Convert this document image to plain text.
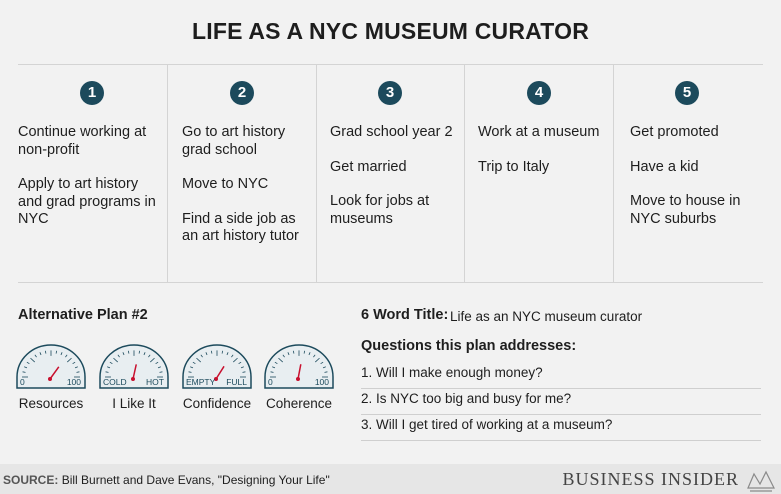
LIFE AS A NYC MUSEUM CURATOR
1
Continue working at non-profit
Apply to art history and grad programs in NYC
2
Go to art history grad school
Move to NYC
Find a side job as an art history tutor
3
Grad school year 2
Get married
Look for jobs at museums
4
Work at a museum
Trip to Italy
5
Get promoted
Have a kid
Move to house in NYC suburbs
Alternative Plan #2
0	100
Resources
COLD HOT
I Like It
EMPTY FULL
Confidence
0	100
Coherence
6 Word Title: Life as an NYC museum curator
Questions this plan addresses:
1. Will I make enough money?
2. Is NYC too big and busy for me?
3. Will I get tired of working at a museum?
SOURCE: Bill Burnett and Dave Evans, "Designing Your Life"	BUSINESS INSIDER
